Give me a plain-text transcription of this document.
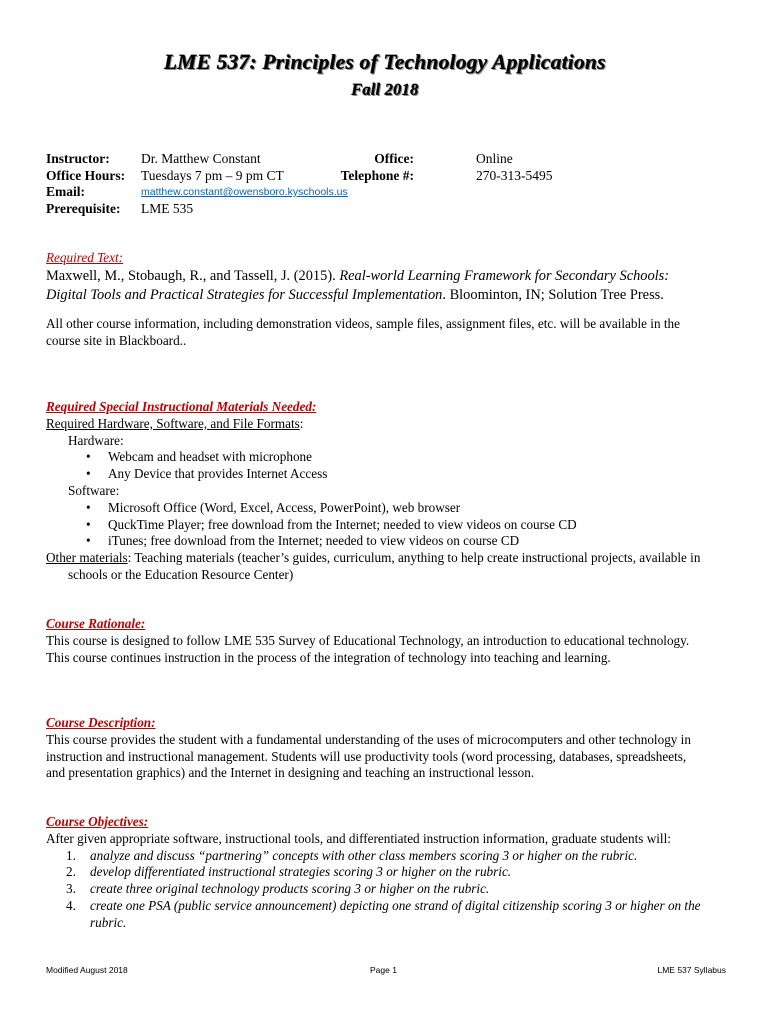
LME 537: Principles of Technology Applications
Fall 2018
Instructor: Dr. Matthew Constant	Office:	Online
Office Hours: Tuesdays 7 pm – 9 pm CT	Telephone #:	270-313-5495
Email:	matthew.constant@owensboro.kyschools.us
Prerequisite: LME 535
Required Text:
Maxwell, M., Stobaugh, R., and Tassell, J. (2015). Real-world Learning Framework for Secondary Schools: Digital Tools and Practical Strategies for Successful Implementation. Bloominton, IN; Solution Tree Press.
All other course information, including demonstration videos, sample files, assignment files, etc. will be available in the course site in Blackboard..
Required Special Instructional Materials Needed:
Required Hardware, Software, and File Formats:
Hardware:
• Webcam and headset with microphone
• Any Device that provides Internet Access
Software:
• Microsoft Office (Word, Excel, Access, PowerPoint), web browser
• QuckTime Player; free download from the Internet; needed to view videos on course CD
• iTunes; free download from the Internet; needed to view videos on course CD
Other materials: Teaching materials (teacher’s guides, curriculum, anything to help create instructional projects, available in schools or the Education Resource Center)
Course Rationale:
This course is designed to follow LME 535 Survey of Educational Technology, an introduction to educational technology. This course continues instruction in the process of the integration of technology into teaching and learning.
Course Description:
This course provides the student with a fundamental understanding of the uses of microcomputers and other technology in instruction and instructional management. Students will use productivity tools (word processing, databases, spreadsheets, and presentation graphics) and the Internet in designing and teaching an instructional lesson.
Course Objectives:
After given appropriate software, instructional tools, and differentiated instruction information, graduate students will:
1. analyze and discuss “partnering” concepts with other class members scoring 3 or higher on the rubric.
2. develop differentiated instructional strategies scoring 3 or higher on the rubric.
3. create three original technology products scoring 3 or higher on the rubric.
4. create one PSA (public service announcement) depicting one strand of digital citizenship scoring 3 or higher on the rubric.
Modified August 2018	Page 1	LME 537 Syllabus
